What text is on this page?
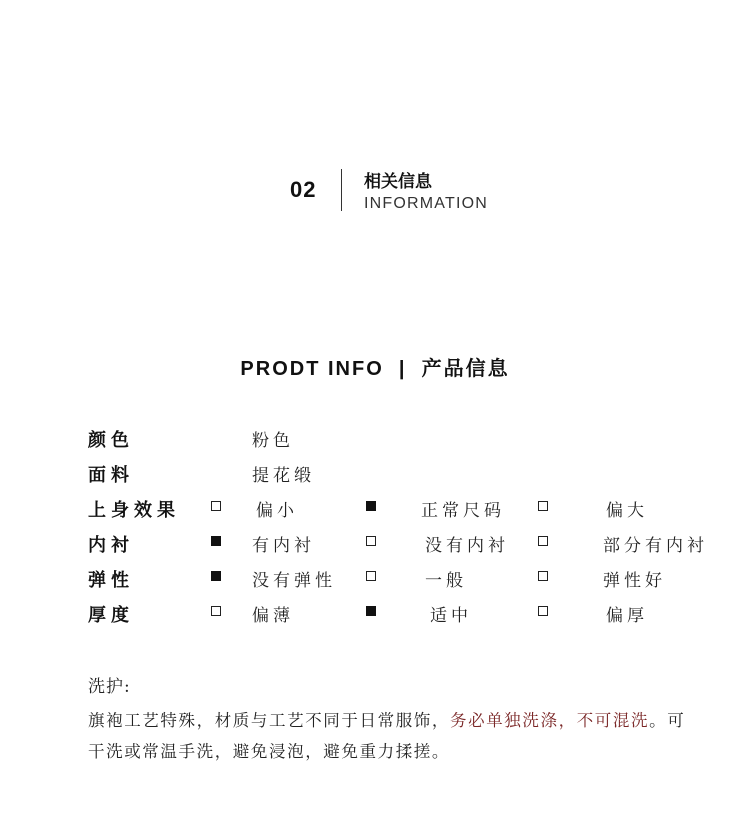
02	相关信息
INFORMATION
PRODT INFO  |  产品信息
颜色	粉色
面料	提花缎
上身效果	偏小	正常尺码	偏大
内衬	有内衬	没有内衬	部分有内衬
弹性	没有弹性	一般	弹性好
厚度	偏薄	适中	偏厚
洗护:
旗袍工艺特殊，材质与工艺不同于日常服饰，务必单独洗涤，不可混洗。可干洗或常温手洗，避免浸泡，避免重力揉搓。
